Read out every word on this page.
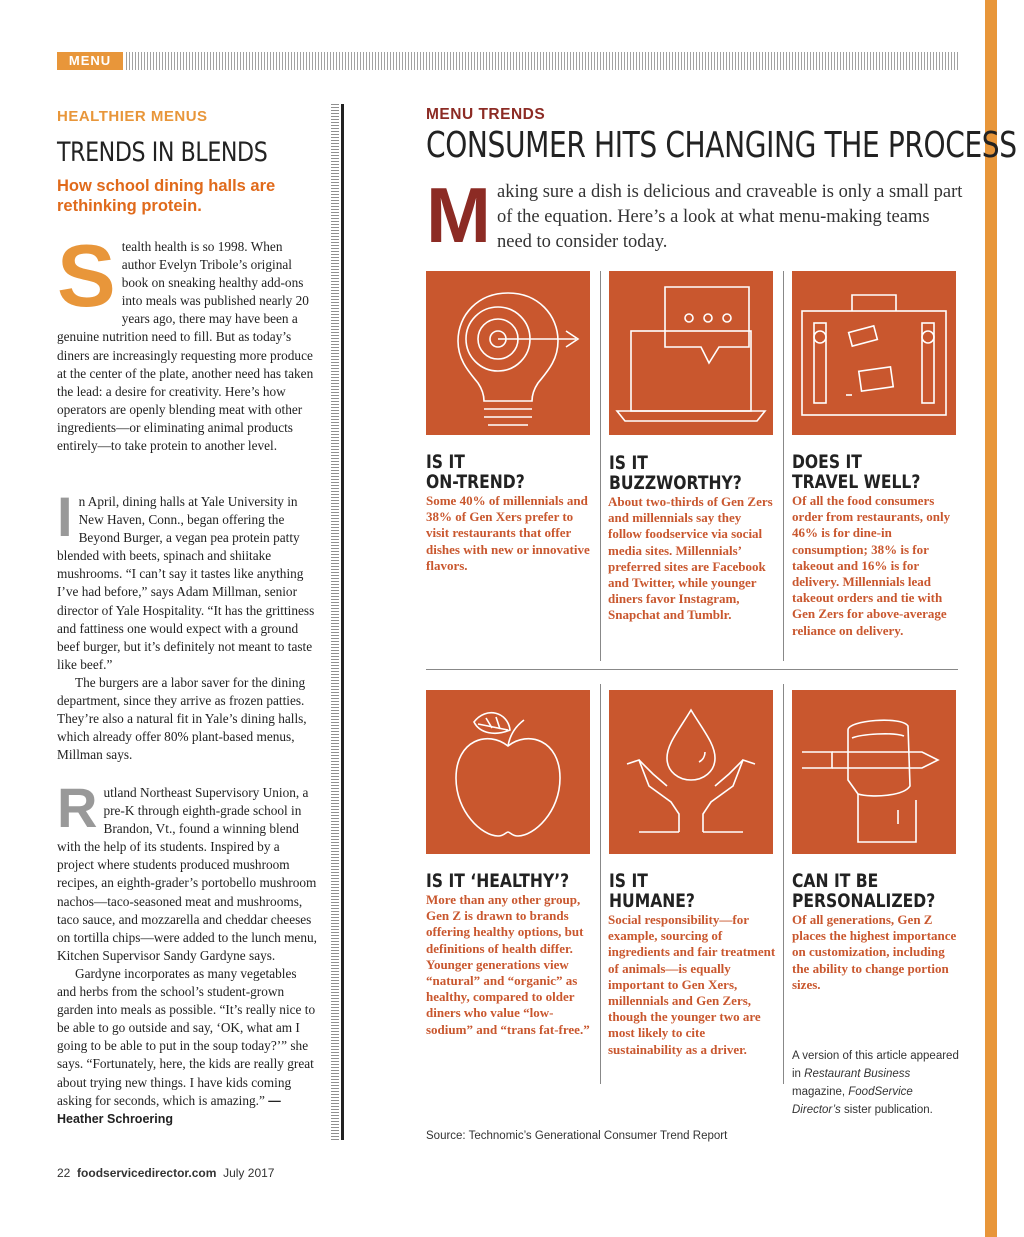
MENU
HEALTHIER MENUS
TRENDS IN BLENDS
How school dining halls are rethinking protein.

Stealth health is so 1998. When author Evelyn Tribole’s original book on sneaking healthy add-ons into meals was published nearly 20 years ago, there may have been a genuine nutrition need to fill. But as today’s diners are increasingly requesting more produce at the center of the plate, another need has taken the lead: a desire for creativity. Here’s how operators are openly blending meat with other ingredients—or eliminating animal products entirely—to take protein to another level.

In April, dining halls at Yale University in New Haven, Conn., began offering the Beyond Burger, a vegan pea protein patty blended with beets, spinach and shiitake mushrooms. “I can’t say it tastes like anything I’ve had before,” says Adam Millman, senior director of Yale Hospitality. “It has the grittiness and fattiness one would expect with a ground beef burger, but it’s definitely not meant to taste like beef.”

The burgers are a labor saver for the dining department, since they arrive as frozen patties. They’re also a natural fit in Yale’s dining halls, which already offer 80% plant-based menus, Millman says.

Rutland Northeast Supervisory Union, a pre-K through eighth-grade school in Brandon, Vt., found a winning blend with the help of its students. Inspired by a project where students produced mushroom recipes, an eighth-grader’s portobello mushroom nachos—taco-seasoned meat and mushrooms, taco sauce, and mozzarella and cheddar cheeses on tortilla chips—were added to the lunch menu, Kitchen Supervisor Sandy Gardyne says.

Gardyne incorporates as many vegetables and herbs from the school’s student-grown garden into meals as possible. “It’s really nice to be able to go outside and say, ‘OK, what am I going to be able to put in the soup today?’” she says. “Fortunately, here, the kids are really great about trying new things. I have kids coming asking for seconds, which is amazing.” —Heather Schroering

22 foodservicedirector.com July 2017
MENU TRENDS
CONSUMER HITS CHANGING THE PROCESS
Making sure a dish is delicious and craveable is only a small part of the equation. Here’s a look at what menu-making teams need to consider today.
IS IT
ON-TREND?
Some 40% of millennials and 38% of Gen Xers prefer to visit restaurants that offer dishes with new or innovative flavors.
IS IT
BUZZWORTHY?
About two-thirds of Gen Zers and millennials say they follow foodservice via social media sites. Millennials’ preferred sites are Facebook and Twitter, while younger diners favor Instagram, Snapchat and Tumblr.
DOES IT
TRAVEL WELL?
Of all the food consumers order from restaurants, only 46% is for dine-in consumption; 38% is for takeout and 16% is for delivery. Millennials lead takeout orders and tie with Gen Zers for above-average reliance on delivery.
IS IT ‘HEALTHY’?
More than any other group, Gen Z is drawn to brands offering healthy options, but definitions of health differ. Younger generations view “natural” and “organic” as healthy, compared to older diners who value “low-sodium” and “trans fat-free.”
IS IT
HUMANE?
Social responsibility—for example, sourcing of ingredients and fair treatment of animals—is equally important to Gen Xers, millennials and Gen Zers, though the younger two are most likely to cite sustainability as a driver.
CAN IT BE
PERSONALIZED?
Of all generations, Gen Z places the highest importance on customization, including the ability to change portion sizes.
A version of this article appeared in Restaurant Business magazine, FoodService Director’s sister publication.
Source: Technomic’s Generational Consumer Trend Report
